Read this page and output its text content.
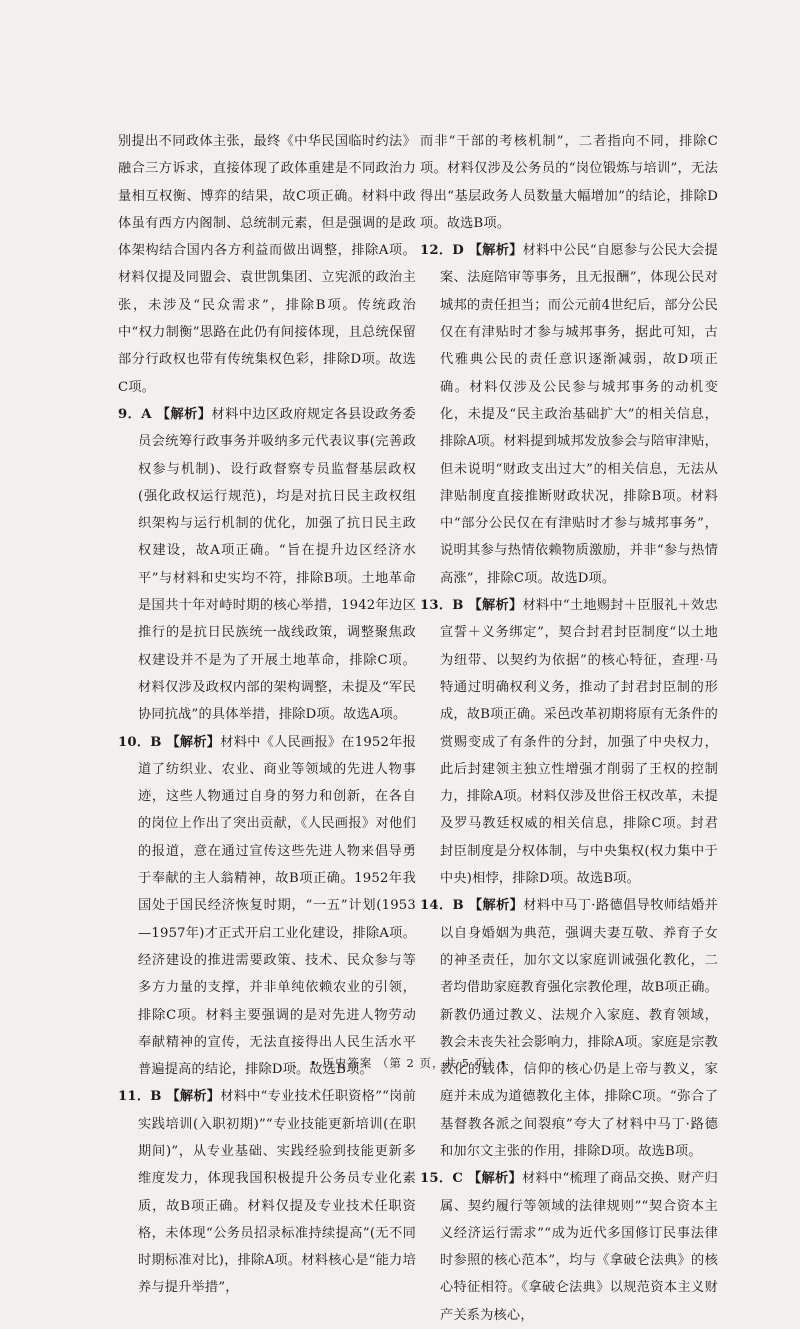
别提出不同政体主张，最终《中华民国临时约法》融合三方诉求，直接体现了政体重建是不同政治力量相互权衡、博弈的结果，故C项正确。材料中政体虽有西方内阁制、总统制元素，但是强调的是政体架构结合国内各方利益而做出调整，排除A项。材料仅提及同盟会、袁世凯集团、立宪派的政治主张，未涉及“民众需求”，排除B项。传统政治中“权力制衡”思路在此仍有间接体现，且总统保留部分行政权也带有传统集权色彩，排除D项。故选C项。

9．A 【解析】材料中边区政府规定各县设政务委员会统筹行政事务并吸纳多元代表议事(完善政权参与机制)、设行政督察专员监督基层政权(强化政权运行规范)，均是对抗日民主政权组织架构与运行机制的优化，加强了抗日民主政权建设，故A项正确。“旨在提升边区经济水平”与材料和史实均不符，排除B项。土地革命是国共十年对峙时期的核心举措，1942年边区推行的是抗日民族统一战线政策，调整聚焦政权建设并不是为了开展土地革命，排除C项。材料仅涉及政权内部的架构调整，未提及“军民协同抗战”的具体举措，排除D项。故选A项。

10．B 【解析】材料中《人民画报》在1952年报道了纺织业、农业、商业等领域的先进人物事迹，这些人物通过自身的努力和创新，在各自的岗位上作出了突出贡献，《人民画报》对他们的报道，意在通过宣传这些先进人物来倡导勇于奉献的主人翁精神，故B项正确。1952年我国处于国民经济恢复时期，“一五”计划(1953—1957年)才正式开启工业化建设，排除A项。经济建设的推进需要政策、技术、民众参与等多方力量的支撑，并非单纯依赖农业的引领，排除C项。材料主要强调的是对先进人物劳动奉献精神的宣传，无法直接得出人民生活水平普遍提高的结论，排除D项。故选B项。

11．B 【解析】材料中“专业技术任职资格”“岗前实践培训(入职初期)”“专业技能更新培训(在职期间)”，从专业基础、实践经验到技能更新多维度发力，体现我国积极提升公务员专业化素质，故B项正确。材料仅提及专业技术任职资格，未体现“公务员招录标准持续提高”(无不同时期标准对比)，排除A项。材料核心是“能力培养与提升举措”，

而非“干部的考核机制”，二者指向不同，排除C项。材料仅涉及公务员的“岗位锻炼与培训”，无法得出“基层政务人员数量大幅增加”的结论，排除D项。故选B项。

12．D 【解析】材料中公民“自愿参与公民大会提案、法庭陪审等事务，且无报酬”，体现公民对城邦的责任担当；而公元前4世纪后，部分公民仅在有津贴时才参与城邦事务，据此可知，古代雅典公民的责任意识逐渐减弱，故D项正确。材料仅涉及公民参与城邦事务的动机变化，未提及“民主政治基础扩大”的相关信息，排除A项。材料提到城邦发放参会与陪审津贴，但未说明“财政支出过大”的相关信息，无法从津贴制度直接推断财政状况，排除B项。材料中“部分公民仅在有津贴时才参与城邦事务”，说明其参与热情依赖物质激励，并非“参与热情高涨”，排除C项。故选D项。

13．B 【解析】材料中“土地赐封＋臣服礼＋效忠宣誓＋义务绑定”，契合封君封臣制度“以土地为纽带、以契约为依据”的核心特征，查理·马特通过明确权利义务，推动了封君封臣制的形成，故B项正确。采邑改革初期将原有无条件的赏赐变成了有条件的分封，加强了中央权力，此后封建领主独立性增强才削弱了王权的控制力，排除A项。材料仅涉及世俗王权改革，未提及罗马教廷权威的相关信息，排除C项。封君封臣制度是分权体制，与中央集权(权力集中于中央)相悖，排除D项。故选B项。

14．B 【解析】材料中马丁·路德倡导牧师结婚并以自身婚姻为典范，强调夫妻互敬、养育子女的神圣责任，加尔文以家庭训诫强化教化，二者均借助家庭教育强化宗教伦理，故B项正确。新教仍通过教义、法规介入家庭、教育领域，教会未丧失社会影响力，排除A项。家庭是宗教教化的载体，信仰的核心仍是上帝与教义，家庭并未成为道德教化主体，排除C项。“弥合了基督教各派之间裂痕”夸大了材料中马丁·路德和加尔文主张的作用，排除D项。故选B项。

15．C 【解析】材料中“梳理了商品交换、财产归属、契约履行等领域的法律规则”“契合资本主义经济运行需求”“成为近代多国修订民事法律时参照的核心范本”，均与《拿破仑法典》的核心特征相符。《拿破仑法典》以规范资本主义财产关系为核心，

、 • 历史答案 （第 2 页，共 5 页）•
